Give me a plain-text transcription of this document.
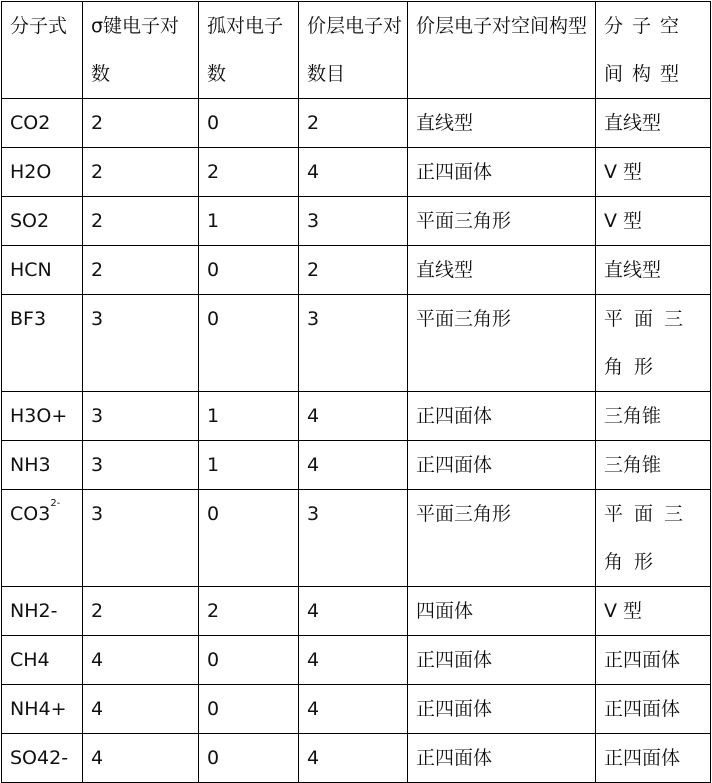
分子式	σ键电子对数	孤对电子数	价层电子对数目	价层电子对空间构型	分子空间构型
CO2	2	0	2	直线型	直线型
H2O	2	2	4	正四面体	V 型
SO2	2	1	3	平面三角形	V 型
HCN	2	0	2	直线型	直线型
BF3	3	0	3	平面三角形	平面三角形
H3O+	3	1	4	正四面体	三角锥
NH3	3	1	4	正四面体	三角锥
$CO3^{2-}$	3	0	3	平面三角形	平面三角形
NH2-	2	2	4	四面体	V 型
CH4	4	0	4	正四面体	正四面体
NH4+	4	0	4	正四面体	正四面体
SO42-	4	0	4	正四面体	正四面体
